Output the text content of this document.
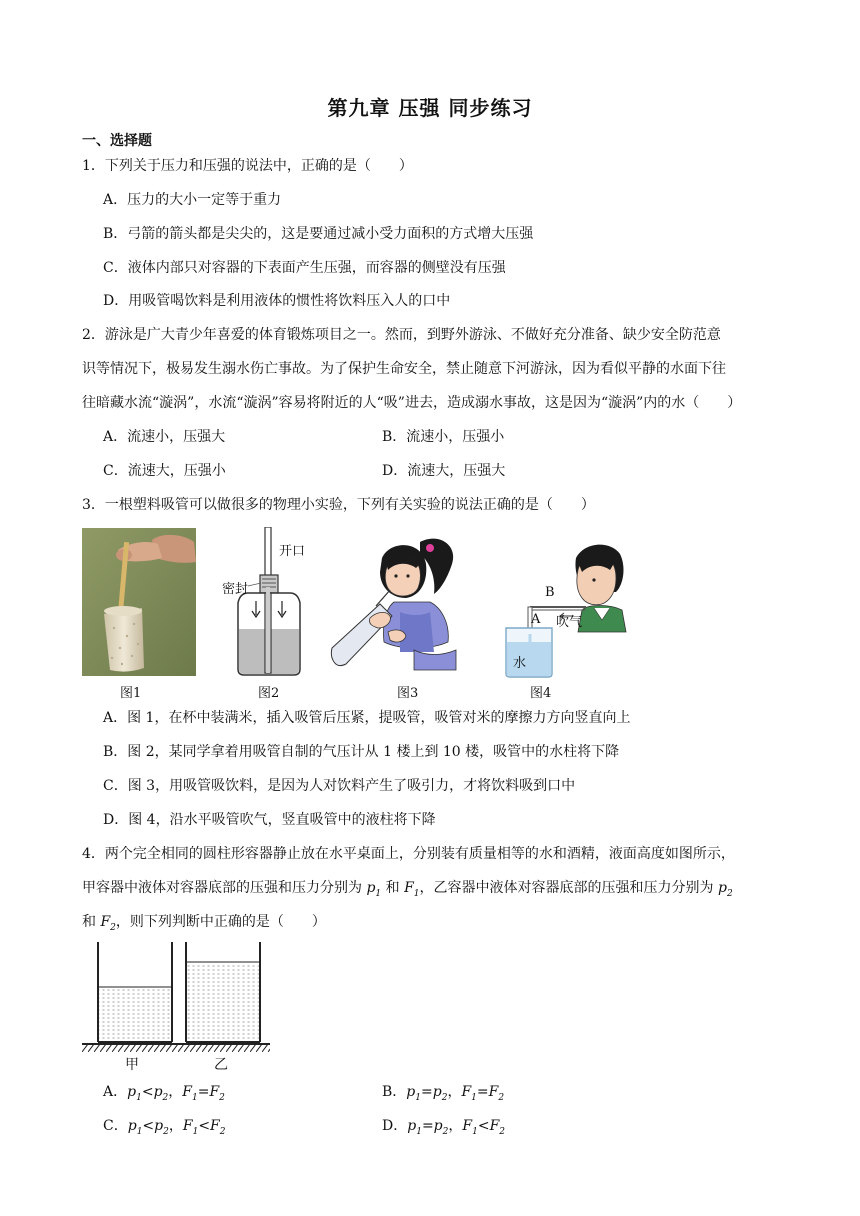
第九章 压强 同步练习
一、选择题
1．下列关于压力和压强的说法中，正确的是（　　）
A．压力的大小一定等于重力
B．弓箭的箭头都是尖尖的，这是要通过减小受力面积的方式增大压强
C．液体内部只对容器的下表面产生压强，而容器的侧壁没有压强
D．用吸管喝饮料是利用液体的惯性将饮料压入人的口中
2．游泳是广大青少年喜爱的体育锻炼项目之一。然而，到野外游泳、不做好充分准备、缺少安全防范意
识等情况下，极易发生溺水伤亡事故。为了保护生命安全，禁止随意下河游泳，因为看似平静的水面下往
往暗藏水流“漩涡”，水流“漩涡”容易将附近的人“吸”进去，造成溺水事故，这是因为“漩涡”内的水（　　）
A．流速小，压强大	B．流速小，压强小
C．流速大，压强小	D．流速大，压强大
3．一根塑料吸管可以做很多的物理小实验，下列有关实验的说法正确的是（　　）
图1
开口
密封
图2	图3
B
A 吹气
水
图4
A．图 1，在杯中装满米，插入吸管后压紧，提吸管，吸管对米的摩擦力方向竖直向上
B．图 2，某同学拿着用吸管自制的气压计从 1 楼上到 10 楼，吸管中的水柱将下降
C．图 3，用吸管吸饮料，是因为人对饮料产生了吸引力，才将饮料吸到口中
D．图 4，沿水平吸管吹气，竖直吸管中的液柱将下降
4．两个完全相同的圆柱形容器静止放在水平桌面上，分别装有质量相等的水和酒精，液面高度如图所示，
甲容器中液体对容器底部的压强和压力分别为 $p_1$ 和 $F_1$，乙容器中液体对容器底部的压强和压力分别为 $p_2$
和 $F_2$，则下列判断中正确的是（　　）
甲	乙
A．$p_1<p_2$，$F_1=F_2$	B．$p_1=p_2$，$F_1=F_2$
C．$p_1<p_2$，$F_1<F_2$	D．$p_1=p_2$，$F_1<F_2$
